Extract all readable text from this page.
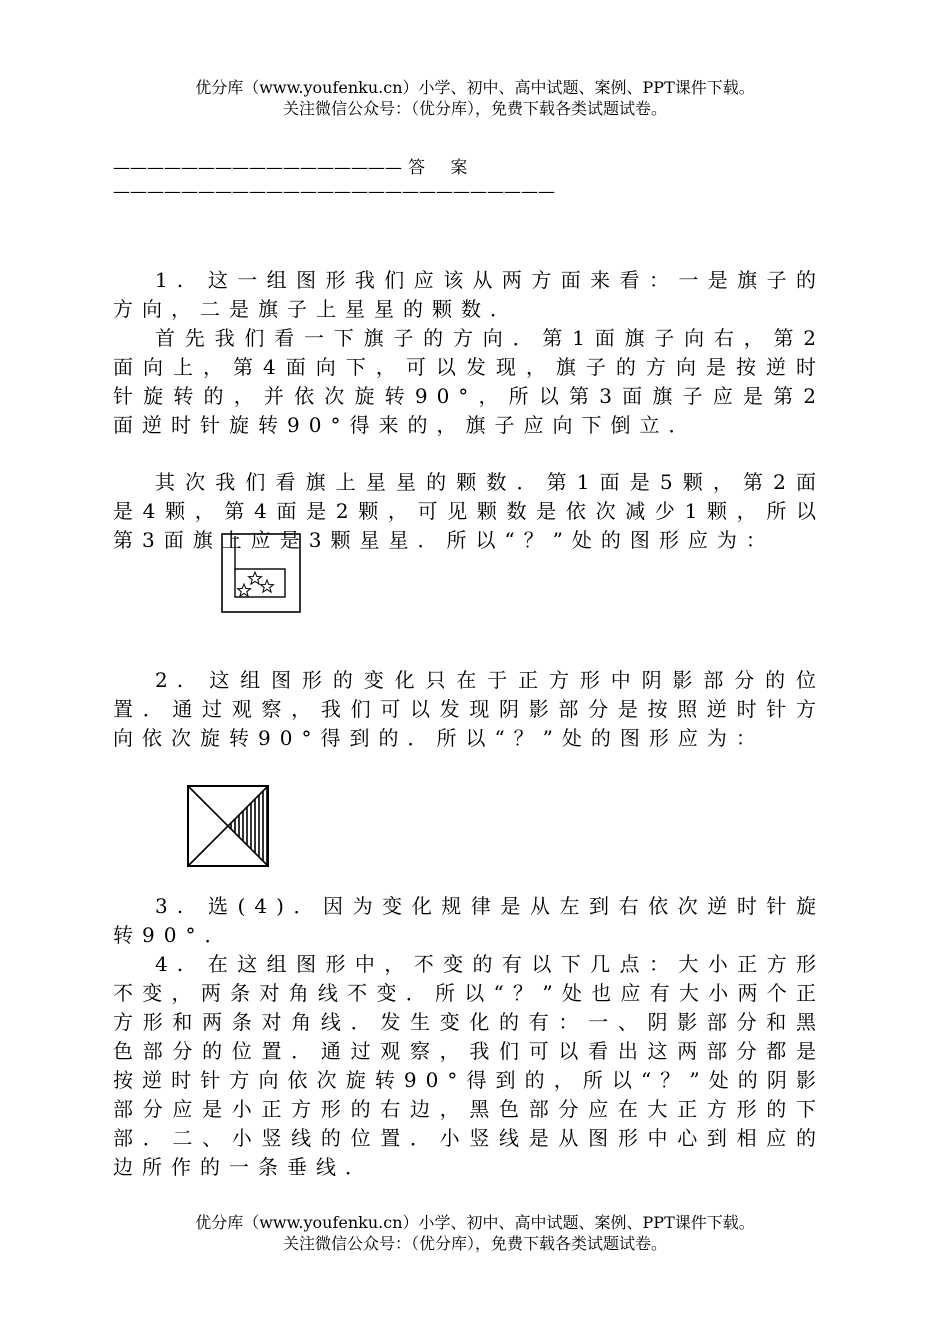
优分库（www.youfenku.cn）小学、初中、高中试题、案例、PPT课件下载。
关注微信公众号：（优分库），免费下载各类试题试卷。
————————————————— 答 案——————————————————————————
1. 这一组图形我们应该从两方面来看：一是旗子的方向，二是旗子上星星的颗数．
首先我们看一下旗子的方向．第1面旗子向右，第2面向上，第4面向下，可以发现，旗子的方向是按逆时针旋转的，并依次旋转90°，所以第3面旗子应是第2面逆时针旋转90°得来的，旗子应向下倒立．
其次我们看旗上星星的颗数．第1面是5颗，第2面是4颗，第4面是2颗，可见颗数是依次减少1颗，所以第3面旗上应是3颗星星．所以“？”处的图形应为：
2. 这组图形的变化只在于正方形中阴影部分的位置．通过观察，我们可以发现阴影部分是按照逆时针方向依次旋转90°得到的．所以“？”处的图形应为：
3. 选(4)．因为变化规律是从左到右依次逆时针旋转90°．
4. 在这组图形中，不变的有以下几点：大小正方形不变，两条对角线不变．所以“？”处也应有大小两个正方形和两条对角线．发生变化的有：一、阴影部分和黑色部分的位置．通过观察，我们可以看出这两部分都是按逆时针方向依次旋转90°得到的，所以“？”处的阴影部分应是小正方形的右边，黑色部分应在大正方形的下部．二、小竖线的位置．小竖线是从图形中心到相应的边所作的一条垂线．
优分库（www.youfenku.cn）小学、初中、高中试题、案例、PPT课件下载。
关注微信公众号：（优分库），免费下载各类试题试卷。
